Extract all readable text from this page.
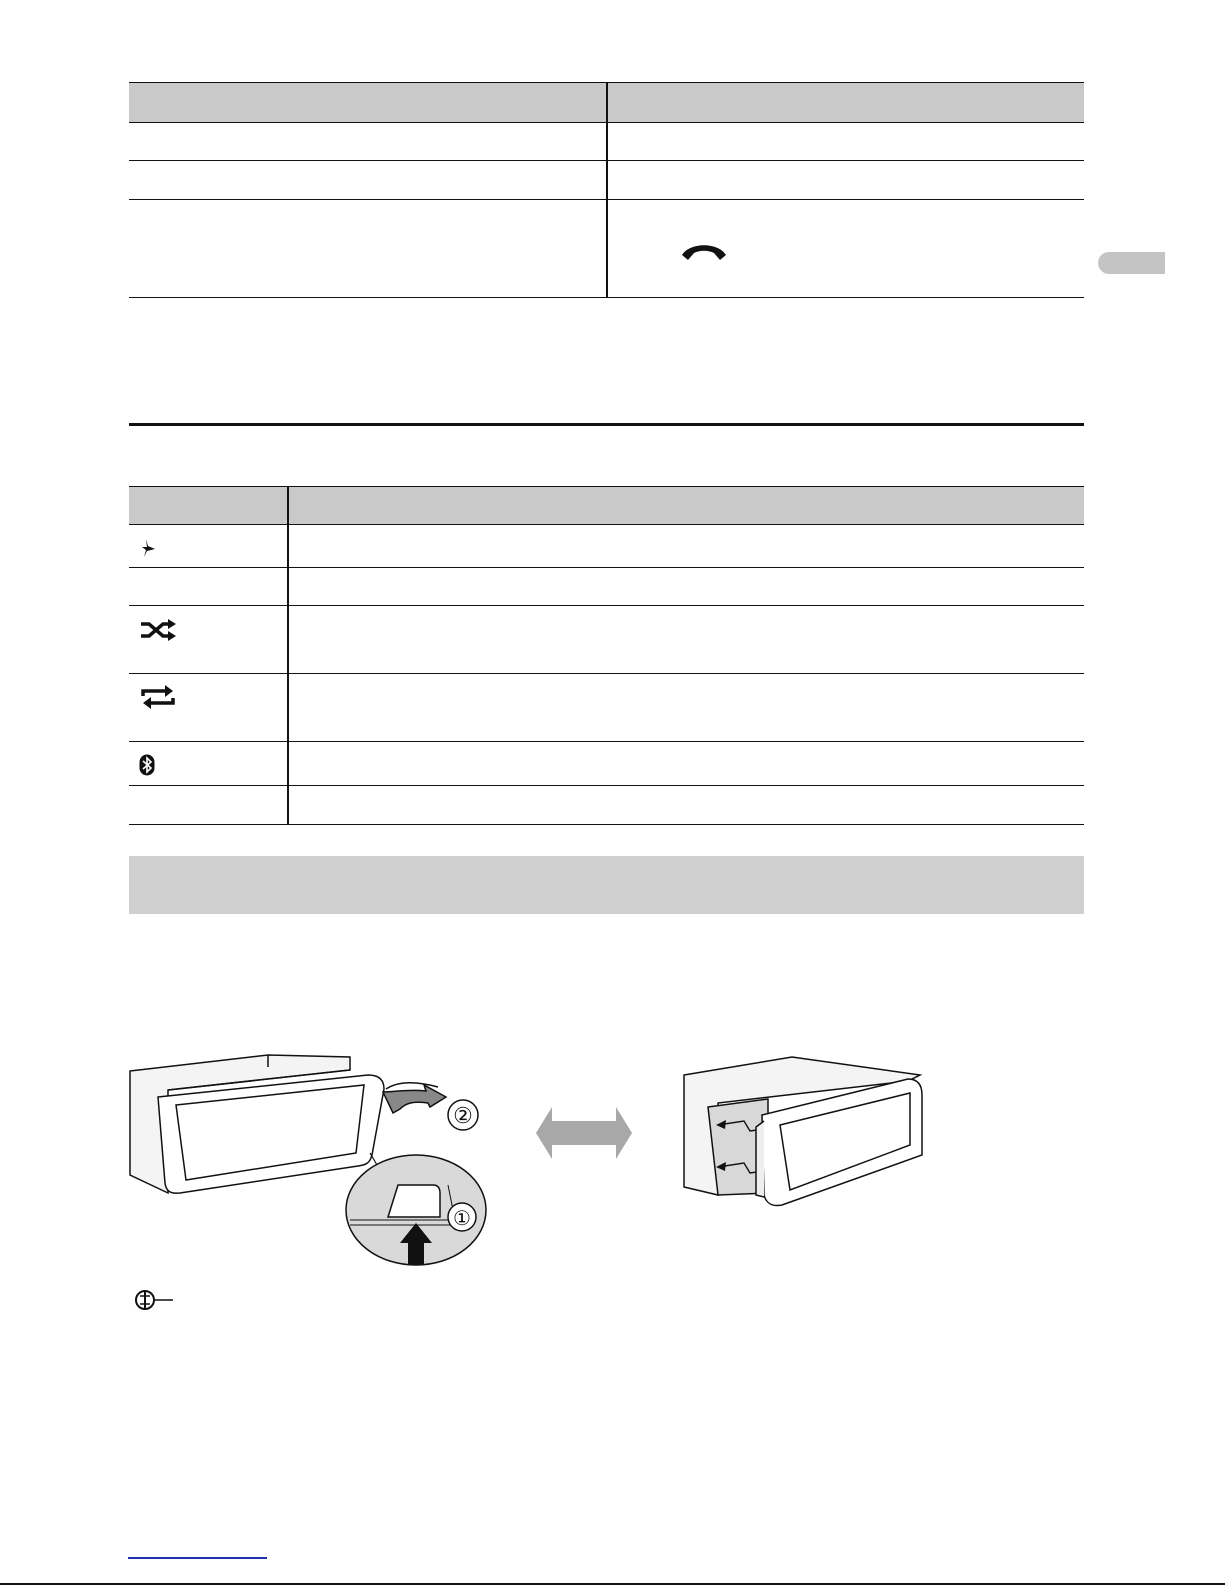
②
①
